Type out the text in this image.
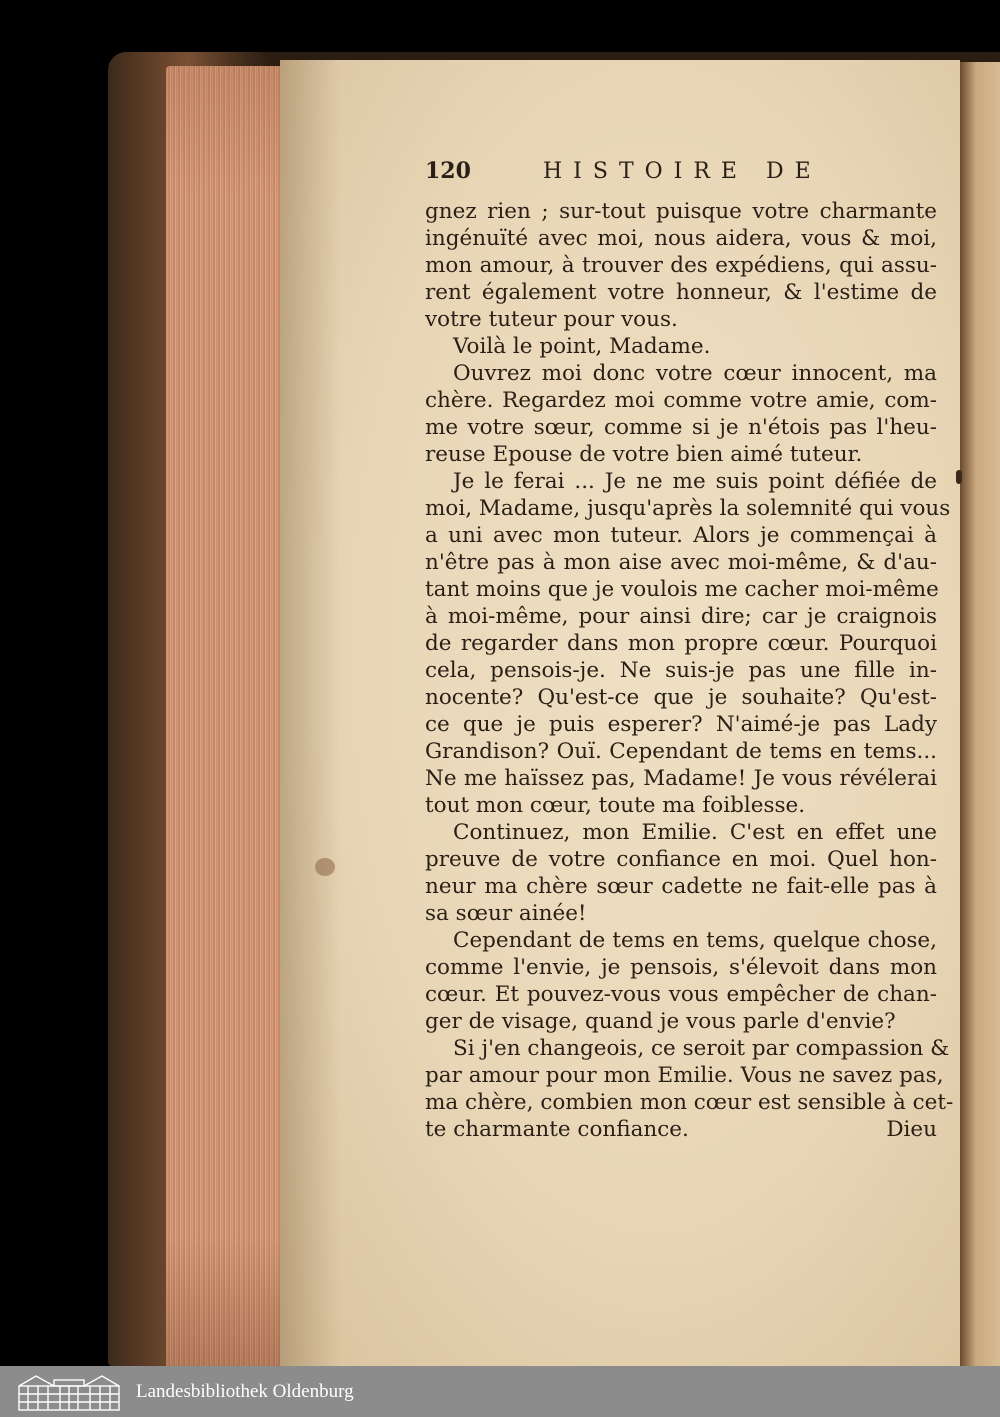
120	HISTOIRE DE
gnez rien ; sur-tout puisque votre charmante
ingénuïté avec moi, nous aidera, vous & moi,
mon amour, à trouver des expédiens, qui assu-
rent également votre honneur, & l'estime de
votre tuteur pour vous.
Voilà le point, Madame.
Ouvrez moi donc votre cœur innocent, ma
chère. Regardez moi comme votre amie, com-
me votre sœur, comme si je n'étois pas l'heu-
reuse Epouse de votre bien aimé tuteur.
Je le ferai ... Je ne me suis point défiée de
moi, Madame, jusqu'après la solemnité qui vous
a uni avec mon tuteur. Alors je commençai à
n'être pas à mon aise avec moi-même, & d'au-
tant moins que je voulois me cacher moi-même
à moi-même, pour ainsi dire; car je craignois
de regarder dans mon propre cœur. Pourquoi
cela, pensois-je. Ne suis-je pas une fille in-
nocente? Qu'est-ce que je souhaite? Qu'est-
ce que je puis esperer? N'aimé-je pas Lady
Grandison? Ouï. Cependant de tems en tems...
Ne me haïssez pas, Madame! Je vous révélerai
tout mon cœur, toute ma foiblesse.
Continuez, mon Emilie. C'est en effet une
preuve de votre confiance en moi. Quel hon-
neur ma chère sœur cadette ne fait-elle pas à
sa sœur ainée!
Cependant de tems en tems, quelque chose,
comme l'envie, je pensois, s'élevoit dans mon
cœur. Et pouvez-vous vous empêcher de chan-
ger de visage, quand je vous parle d'envie?
Si j'en changeois, ce seroit par compassion &
par amour pour mon Emilie. Vous ne savez pas,
ma chère, combien mon cœur est sensible à cet-
te charmante confiance.	Dieu
Landesbibliothek Oldenburg
